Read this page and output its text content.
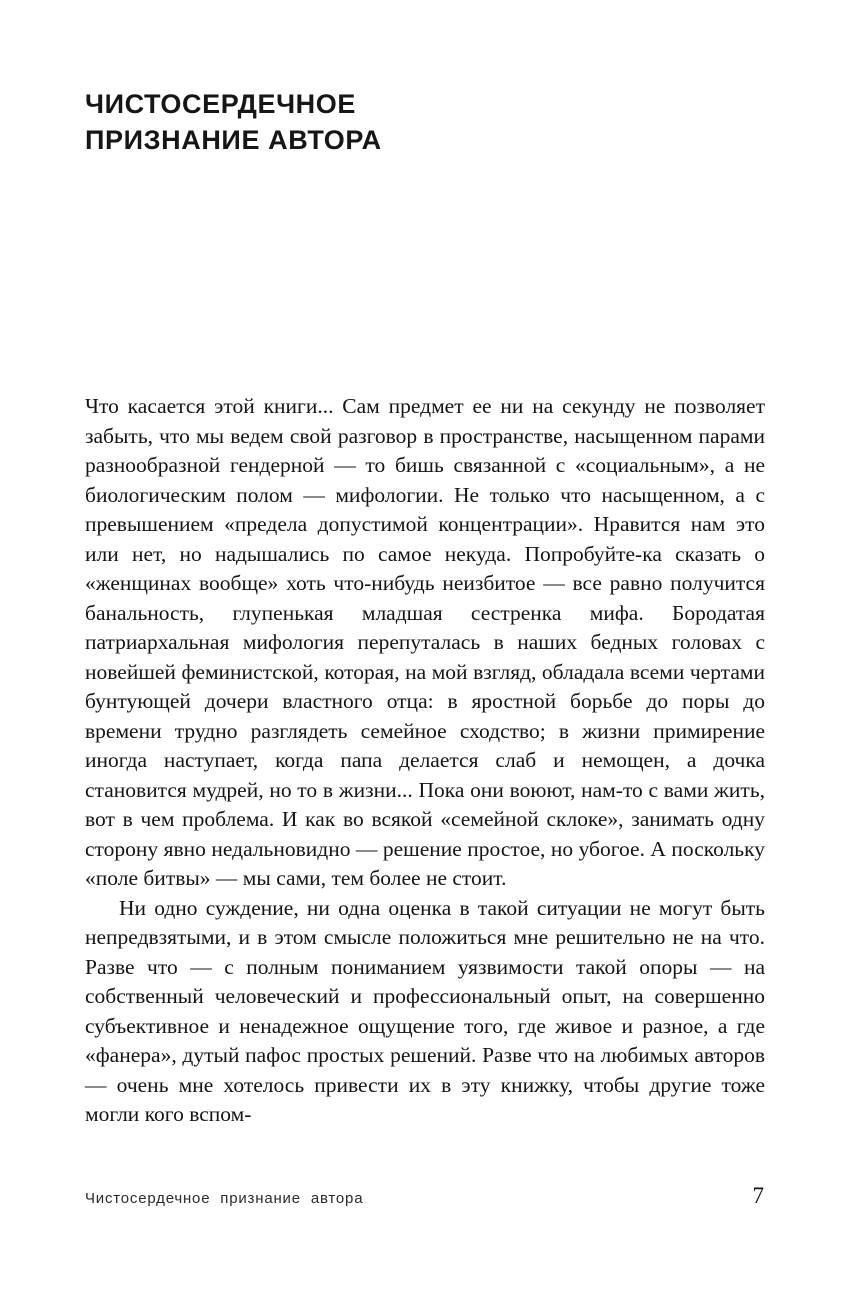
ЧИСТОСЕРДЕЧНОЕ
ПРИЗНАНИЕ АВТОРА

Что касается этой книги... Сам предмет ее ни на секунду не позволяет забыть, что мы ведем свой разговор в пространстве, насыщенном парами разнообразной гендерной — то бишь связанной с «социальным», а не биологическим полом — мифологии. Не только что насыщенном, а с превышением «предела допустимой концентрации». Нравится нам это или нет, но надышались по самое некуда. Попробуйте-ка сказать о «женщинах вообще» хоть что-нибудь неизбитое — все равно получится банальность, глупенькая младшая сестренка мифа. Бородатая патриархальная мифология перепуталась в наших бедных головах с новейшей феминистской, которая, на мой взгляд, обладала всеми чертами бунтующей дочери властного отца: в яростной борьбе до поры до времени трудно разглядеть семейное сходство; в жизни примирение иногда наступает, когда папа делается слаб и немощен, а дочка становится мудрей, но то в жизни... Пока они воюют, нам-то с вами жить, вот в чем проблема. И как во всякой «семейной склоке», занимать одну сторону явно недальновидно — решение простое, но убогое. А поскольку «поле битвы» — мы сами, тем более не стоит.

Ни одно суждение, ни одна оценка в такой ситуации не могут быть непредвзятыми, и в этом смысле положиться мне решительно не на что. Разве что — с полным пониманием уязвимости такой опоры — на собственный человеческий и профессиональный опыт, на совершенно субъективное и ненадежное ощущение того, где живое и разное, а где «фанера», дутый пафос простых решений. Разве что на любимых авторов — очень мне хотелось привести их в эту книжку, чтобы другие тоже могли кого вспом-

Чистосердечное признание автора	7
